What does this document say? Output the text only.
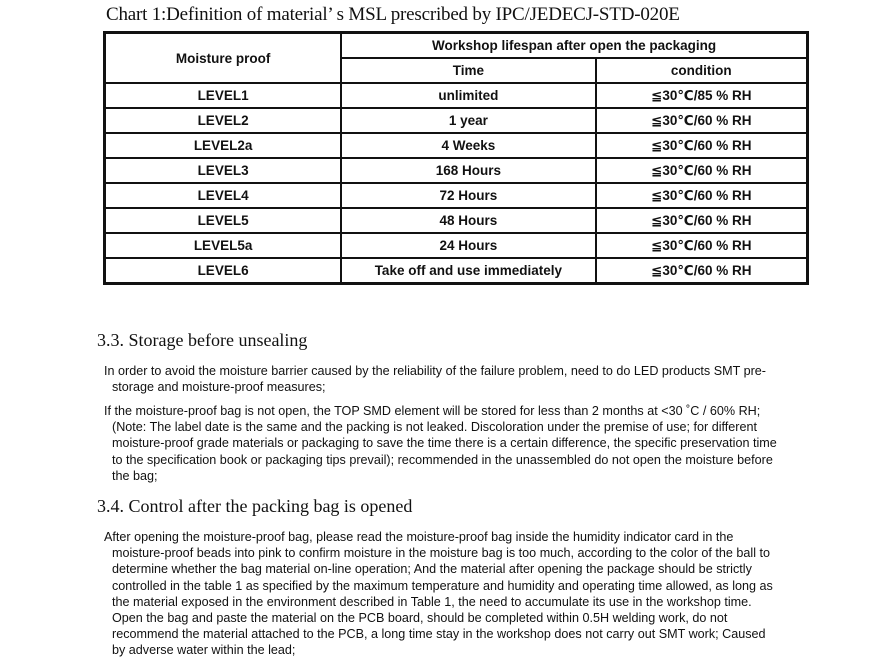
Chart 1:Definition of material’ s MSL prescribed by IPC/JEDECJ-STD-020E
Moisture proof	Workshop lifespan after open the packaging	
	Time	condition
LEVEL1	unlimited	≦30℃/85 % RH
LEVEL2	1 year	≦30℃/60 % RH
LEVEL2a	4 Weeks	≦30℃/60 % RH
LEVEL3	168 Hours	≦30℃/60 % RH
LEVEL4	72 Hours	≦30℃/60 % RH
LEVEL5	48 Hours	≦30℃/60 % RH
LEVEL5a	24 Hours	≦30℃/60 % RH
LEVEL6	Take off and use immediately	≦30℃/60 % RH
3.3. Storage before unsealing
In order to avoid the moisture barrier caused by the reliability of the failure problem, need to do LED products SMT pre-
storage and moisture-proof measures;
If the moisture-proof bag is not open, the TOP SMD element will be stored for less than 2 months at <30 ˚C / 60% RH;
(Note: The label date is the same and the packing is not leaked. Discoloration under the premise of use; for different
moisture-proof grade materials or packaging to save the time there is a certain difference, the specific preservation time
to the specification book or packaging tips prevail); recommended in the unassembled do not open the moisture before
the bag;
3.4. Control after the packing bag is opened
After opening the moisture-proof bag, please read the moisture-proof bag inside the humidity indicator card in the
moisture-proof beads into pink to confirm moisture in the moisture bag is too much, according to the color of the ball to
determine whether the bag material on-line operation; And the material after opening the package should be strictly
controlled in the table 1 as specified by the maximum temperature and humidity and operating time allowed, as long as
the material exposed in the environment described in Table 1, the need to accumulate its use in the workshop time.
Open the bag and paste the material on the PCB board, should be completed within 0.5H welding work, do not
recommend the material attached to the PCB, a long time stay in the workshop does not carry out SMT work; Caused
by adverse water within the lead;
